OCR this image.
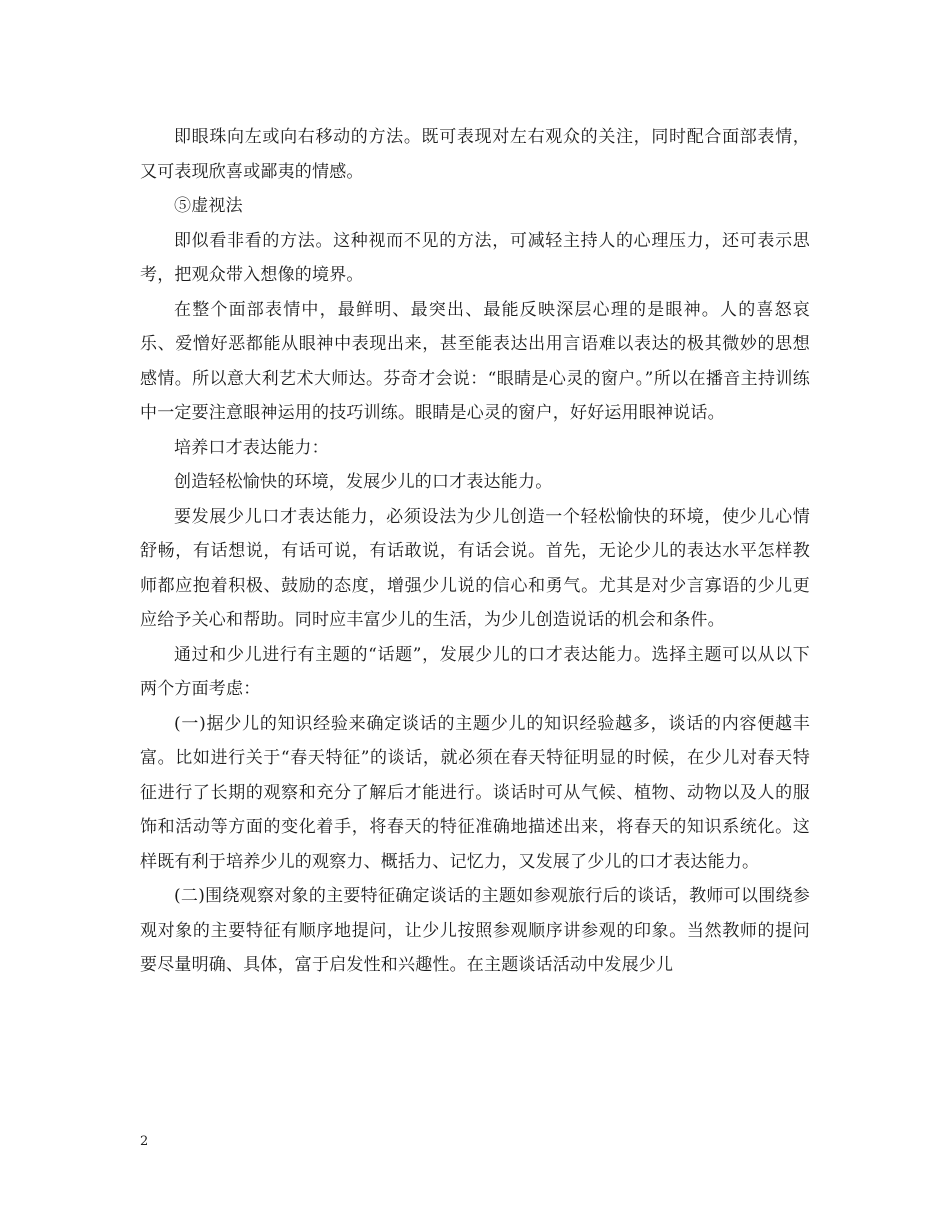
即眼珠向左或向右移动的方法。既可表现对左右观众的关注，同时配合面部表情，又可表现欣喜或鄙夷的情感。

⑤虚视法

即似看非看的方法。这种视而不见的方法，可减轻主持人的心理压力，还可表示思考，把观众带入想像的境界。

在整个面部表情中，最鲜明、最突出、最能反映深层心理的是眼神。人的喜怒哀乐、爱憎好恶都能从眼神中表现出来，甚至能表达出用言语难以表达的极其微妙的思想感情。所以意大利艺术大师达。芬奇才会说：“眼睛是心灵的窗户。”所以在播音主持训练中一定要注意眼神运用的技巧训练。眼睛是心灵的窗户，好好运用眼神说话。

培养口才表达能力：

创造轻松愉快的环境，发展少儿的口才表达能力。

要发展少儿口才表达能力，必须设法为少儿创造一个轻松愉快的环境，使少儿心情舒畅，有话想说，有话可说，有话敢说，有话会说。首先，无论少儿的表达水平怎样教师都应抱着积极、鼓励的态度，增强少儿说的信心和勇气。尤其是对少言寡语的少儿更应给予关心和帮助。同时应丰富少儿的生活，为少儿创造说话的机会和条件。

通过和少儿进行有主题的“话题”，发展少儿的口才表达能力。选择主题可以从以下两个方面考虑：

(一)据少儿的知识经验来确定谈话的主题少儿的知识经验越多，谈话的内容便越丰富。比如进行关于“春天特征”的谈话，就必须在春天特征明显的时候，在少儿对春天特征进行了长期的观察和充分了解后才能进行。谈话时可从气候、植物、动物以及人的服饰和活动等方面的变化着手，将春天的特征准确地描述出来，将春天的知识系统化。这样既有利于培养少儿的观察力、概括力、记忆力，又发展了少儿的口才表达能力。

(二)围绕观察对象的主要特征确定谈话的主题如参观旅行后的谈话，教师可以围绕参观对象的主要特征有顺序地提问，让少儿按照参观顺序讲参观的印象。当然教师的提问要尽量明确、具体，富于启发性和兴趣性。在主题谈话活动中发展少儿

2
